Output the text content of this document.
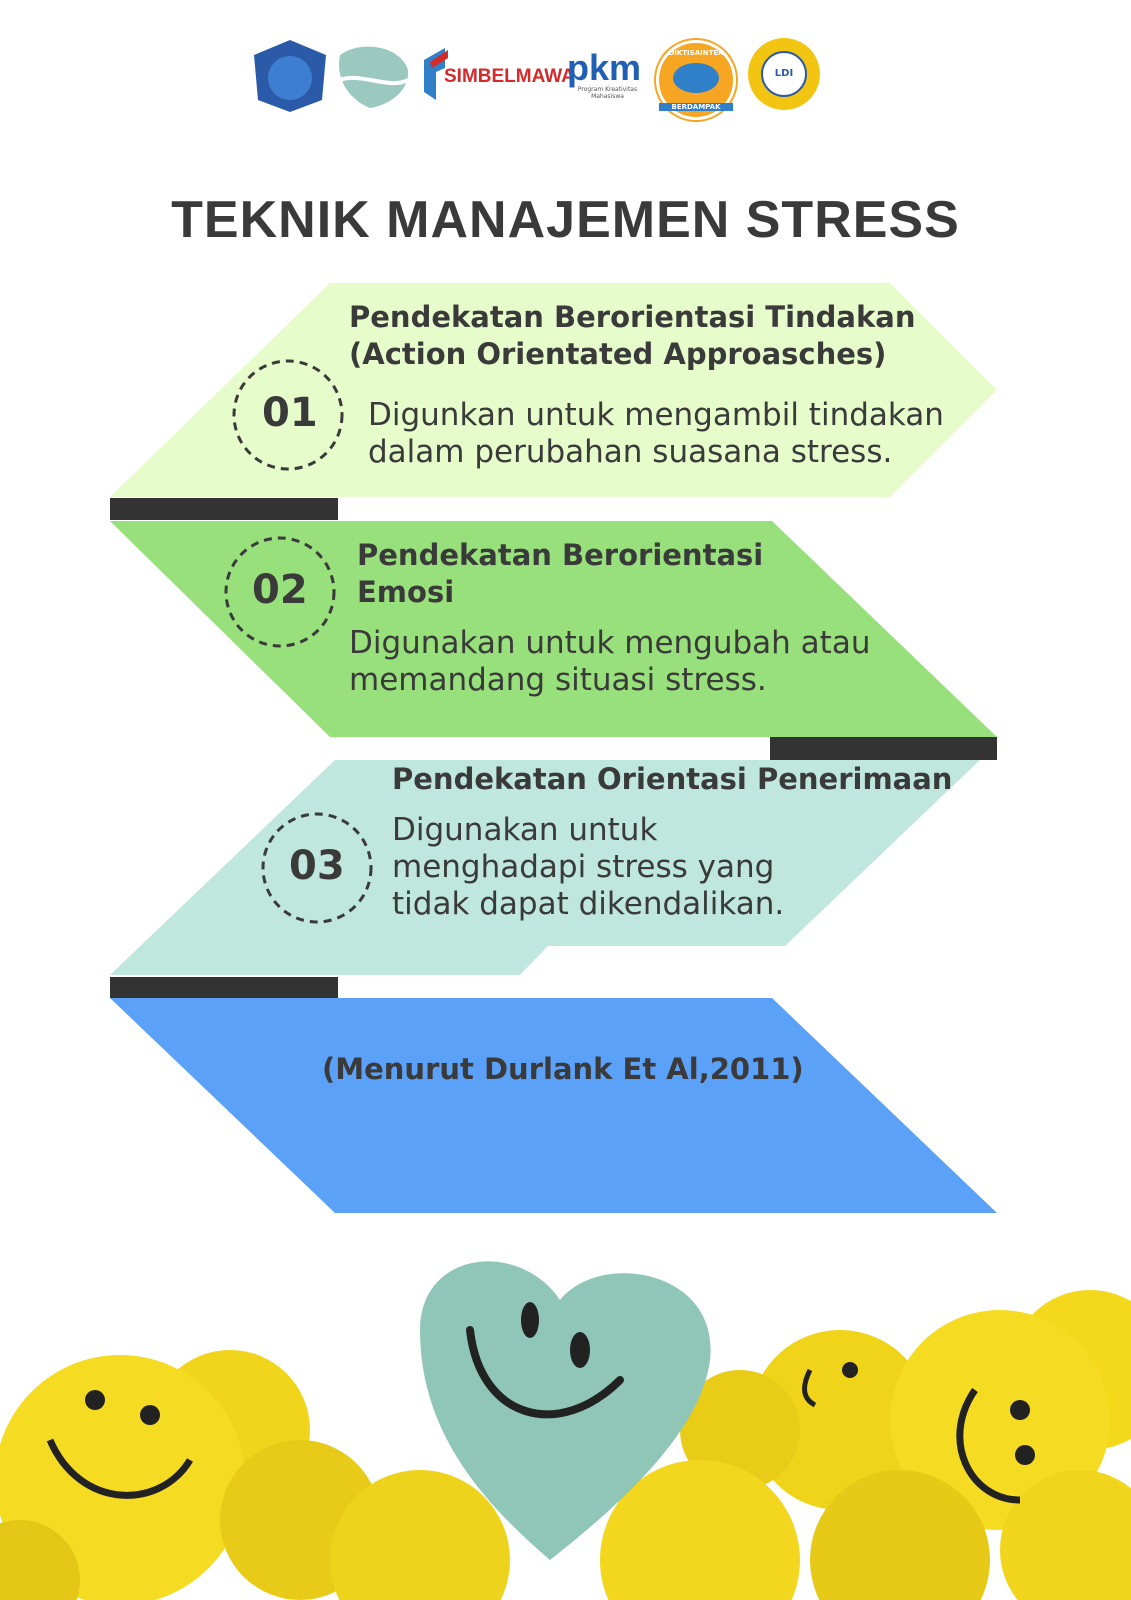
SIMBELMAWA
pkm
Program Kreativitas Mahasiswa
DIKTISAINTEK
BERDAMPAK
LDI
TEKNIK MANAJEMEN STRESS
01
Pendekatan Berorientasi Tindakan
(Action Orientated Approasches)
Digunkan untuk mengambil tindakan
dalam perubahan suasana stress.
02
Pendekatan Berorientasi
Emosi
Digunakan untuk mengubah atau
memandang situasi stress.
03
Pendekatan Orientasi Penerimaan
Digunakan untuk
menghadapi stress yang
tidak dapat dikendalikan.
(Menurut Durlank Et Al,2011)
